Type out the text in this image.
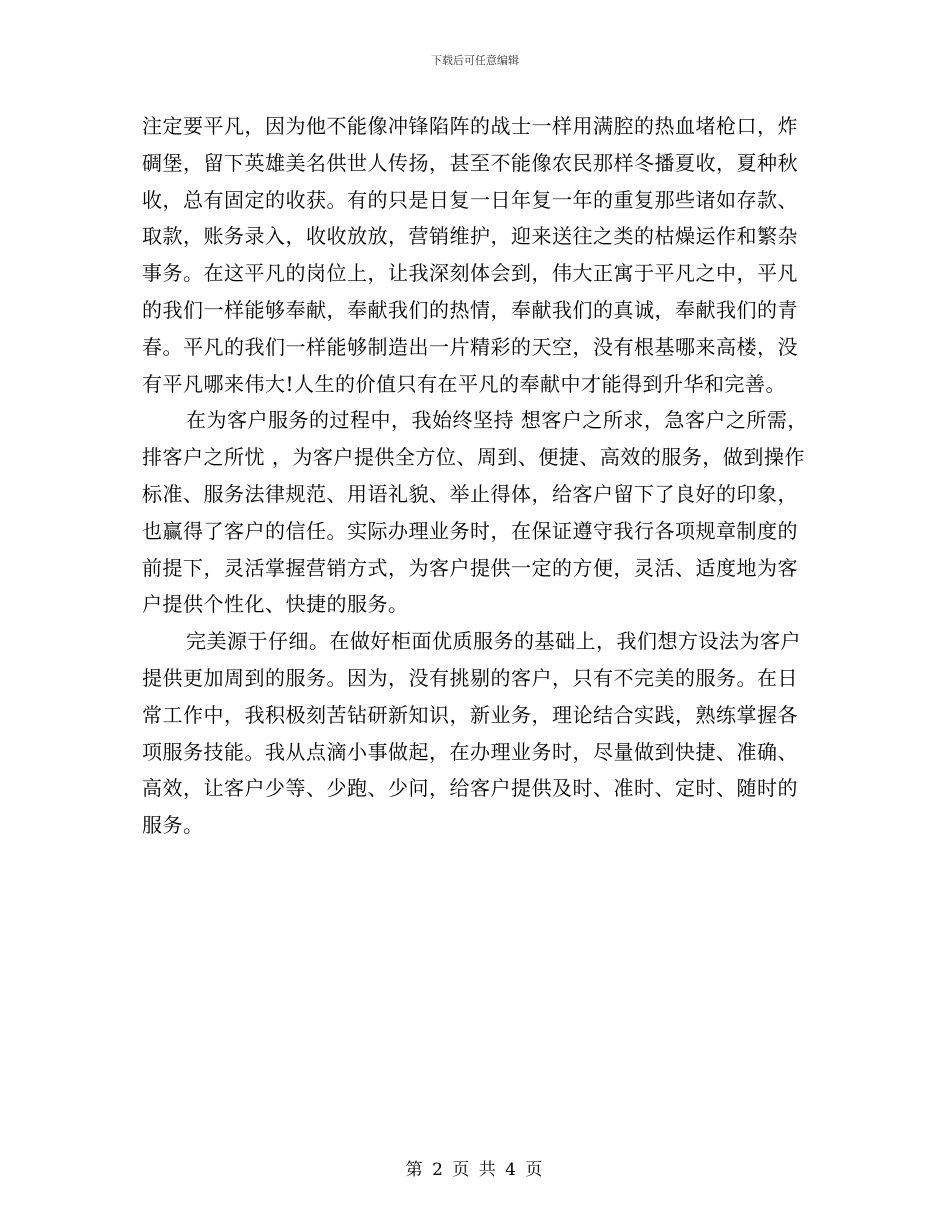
下载后可任意编辑

注定要平凡，因为他不能像冲锋陷阵的战士一样用满腔的热血堵枪口，炸碉堡，留下英雄美名供世人传扬，甚至不能像农民那样冬播夏收，夏种秋收，总有固定的收获。有的只是日复一日年复一年的重复那些诸如存款、取款，账务录入，收收放放，营销维护，迎来送往之类的枯燥运作和繁杂事务。在这平凡的岗位上，让我深刻体会到，伟大正寓于平凡之中，平凡的我们一样能够奉献，奉献我们的热情，奉献我们的真诚，奉献我们的青春。平凡的我们一样能够制造出一片精彩的天空，没有根基哪来高楼，没有平凡哪来伟大!人生的价值只有在平凡的奉献中才能得到升华和完善。

在为客户服务的过程中，我始终坚持 想客户之所求，急客户之所需，排客户之所忧 ，为客户提供全方位、周到、便捷、高效的服务，做到操作标准、服务法律规范、用语礼貌、举止得体，给客户留下了良好的印象，也赢得了客户的信任。实际办理业务时，在保证遵守我行各项规章制度的前提下，灵活掌握营销方式，为客户提供一定的方便，灵活、适度地为客户提供个性化、快捷的服务。

完美源于仔细。在做好柜面优质服务的基础上，我们想方设法为客户提供更加周到的服务。因为，没有挑剔的客户，只有不完美的服务。在日常工作中，我积极刻苦钻研新知识，新业务，理论结合实践，熟练掌握各项服务技能。我从点滴小事做起，在办理业务时，尽量做到快捷、准确、高效，让客户少等、少跑、少问，给客户提供及时、准时、定时、随时的服务。

第 2 页 共 4 页
